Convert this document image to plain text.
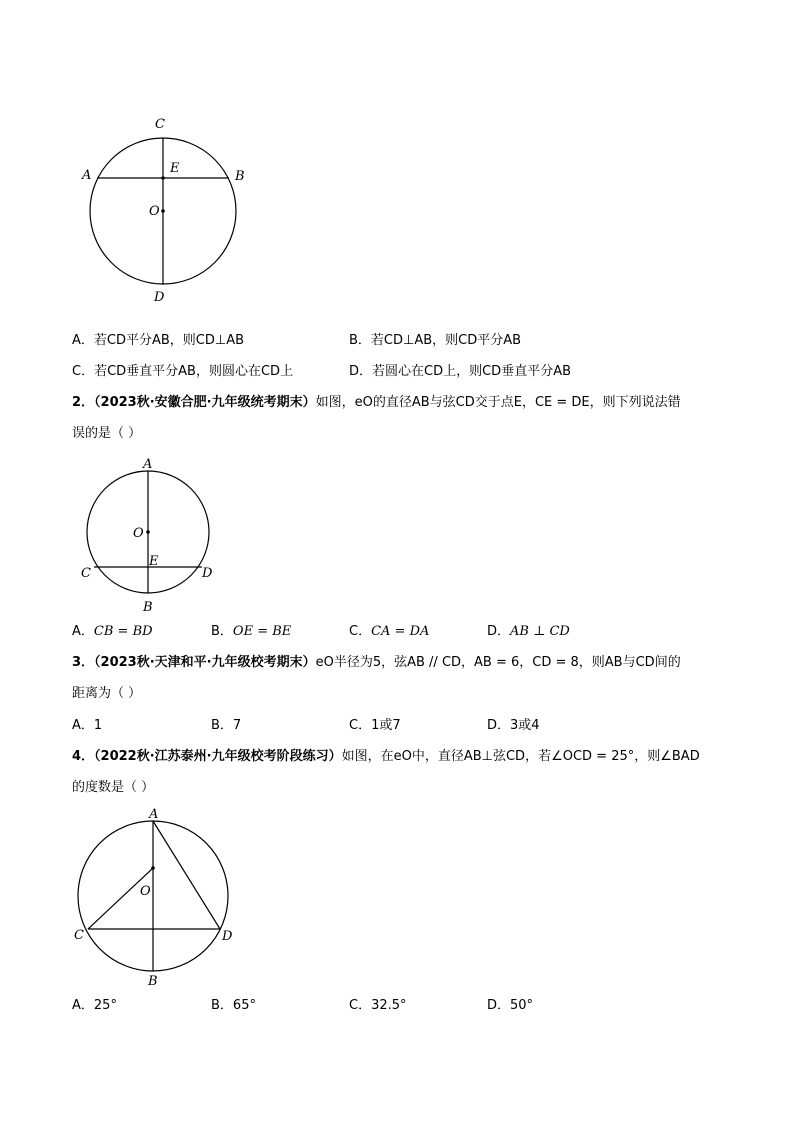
C
A	E
B
O
D
A．若CD平分AB，则CD⊥AB	B．若CD⊥AB，则CD平分AB
C．若CD垂直平分AB，则圆心在CD上	D．若圆心在CD上，则CD垂直平分AB
2．（2023秋·安徽合肥·九年级统考期末）如图，eO的直径AB与弦CD交于点E，CE = DE，则下列说法错
误的是（ ）
A
O
E
C	D
B
A．CB = BD	B．OE = BE	C．CA = DA	D．AB ⊥ CD
3．（2023秋·天津和平·九年级校考期末）eO半径为5，弦AB // CD，AB = 6，CD = 8，则AB与CD间的
距离为（ ）
A．1	B．7	C．1或7	D．3或4
4．（2022秋·江苏泰州·九年级校考阶段练习）如图，在eO中，直径AB⊥弦CD，若∠OCD = 25°，则∠BAD
的度数是（ ）
A
O
C	D
B
A．25°	B．65°	C．32.5°	D．50°
